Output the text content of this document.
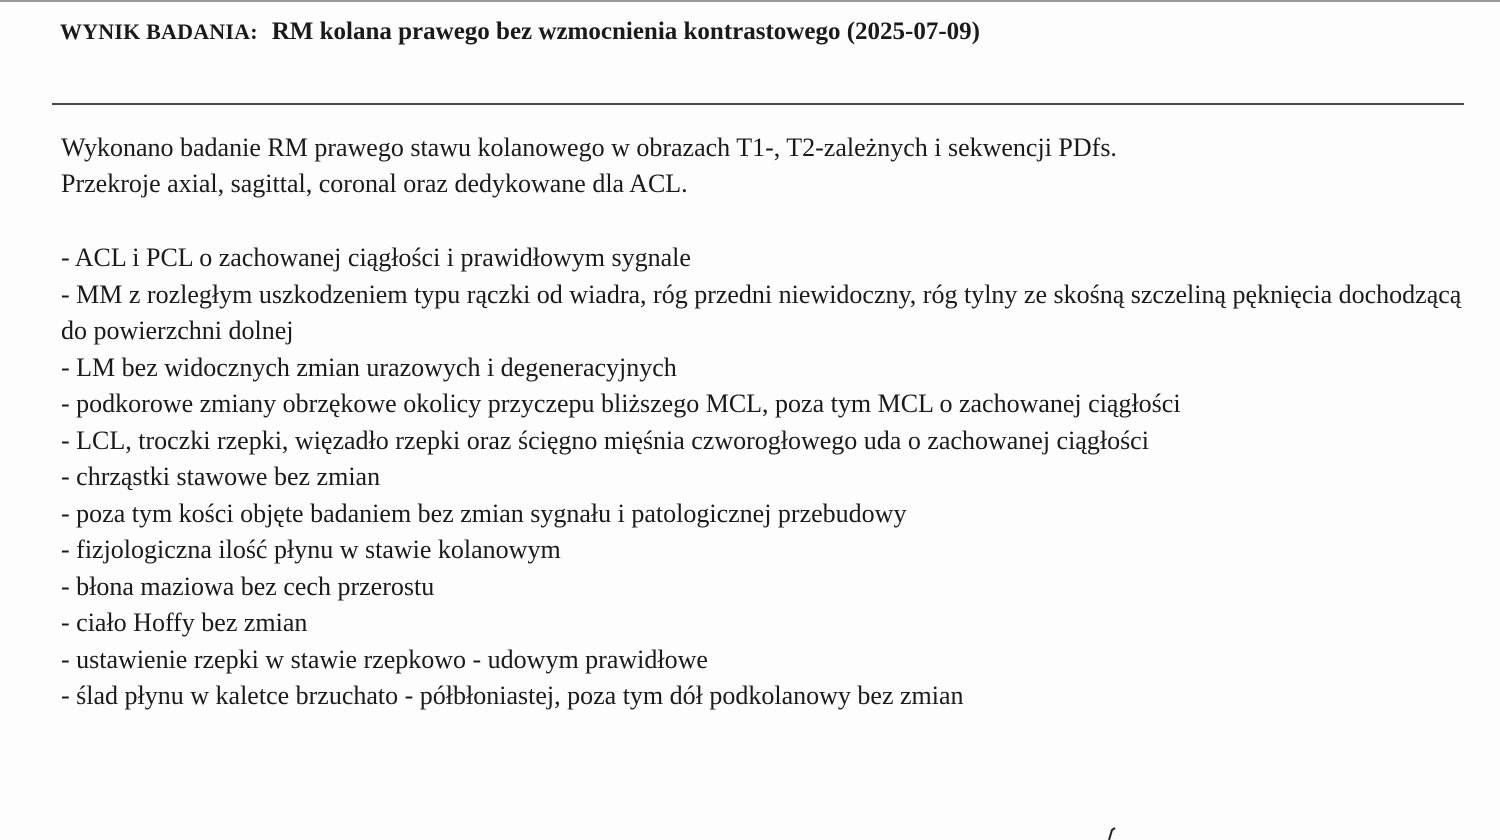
WYNIK BADANIA: RM kolana prawego bez wzmocnienia kontrastowego (2025-07-09)

Wykonano badanie RM prawego stawu kolanowego w obrazach T1-, T2-zależnych i sekwencji PDfs.

Przekroje axial, sagittal, coronal oraz dedykowane dla ACL.

- ACL i PCL o zachowanej ciągłości i prawidłowym sygnale
- MM z rozległym uszkodzeniem typu rączki od wiadra, róg przedni niewidoczny, róg tylny ze skośną szczeliną pęknięcia dochodzącą do powierzchni dolnej
- LM bez widocznych zmian urazowych i degeneracyjnych
- podkorowe zmiany obrzękowe okolicy przyczepu bliższego MCL, poza tym MCL o zachowanej ciągłości
- LCL, troczki rzepki, więzadło rzepki oraz ścięgno mięśnia czworogłowego uda o zachowanej ciągłości
- chrząstki stawowe bez zmian
- poza tym kości objęte badaniem bez zmian sygnału i patologicznej przebudowy
- fizjologiczna ilość płynu w stawie kolanowym
- błona maziowa bez cech przerostu
- ciało Hoffy bez zmian
- ustawienie rzepki w stawie rzepkowo - udowym prawidłowe
- ślad płynu w kaletce brzuchato - półbłoniastej, poza tym dół podkolanowy bez zmian
